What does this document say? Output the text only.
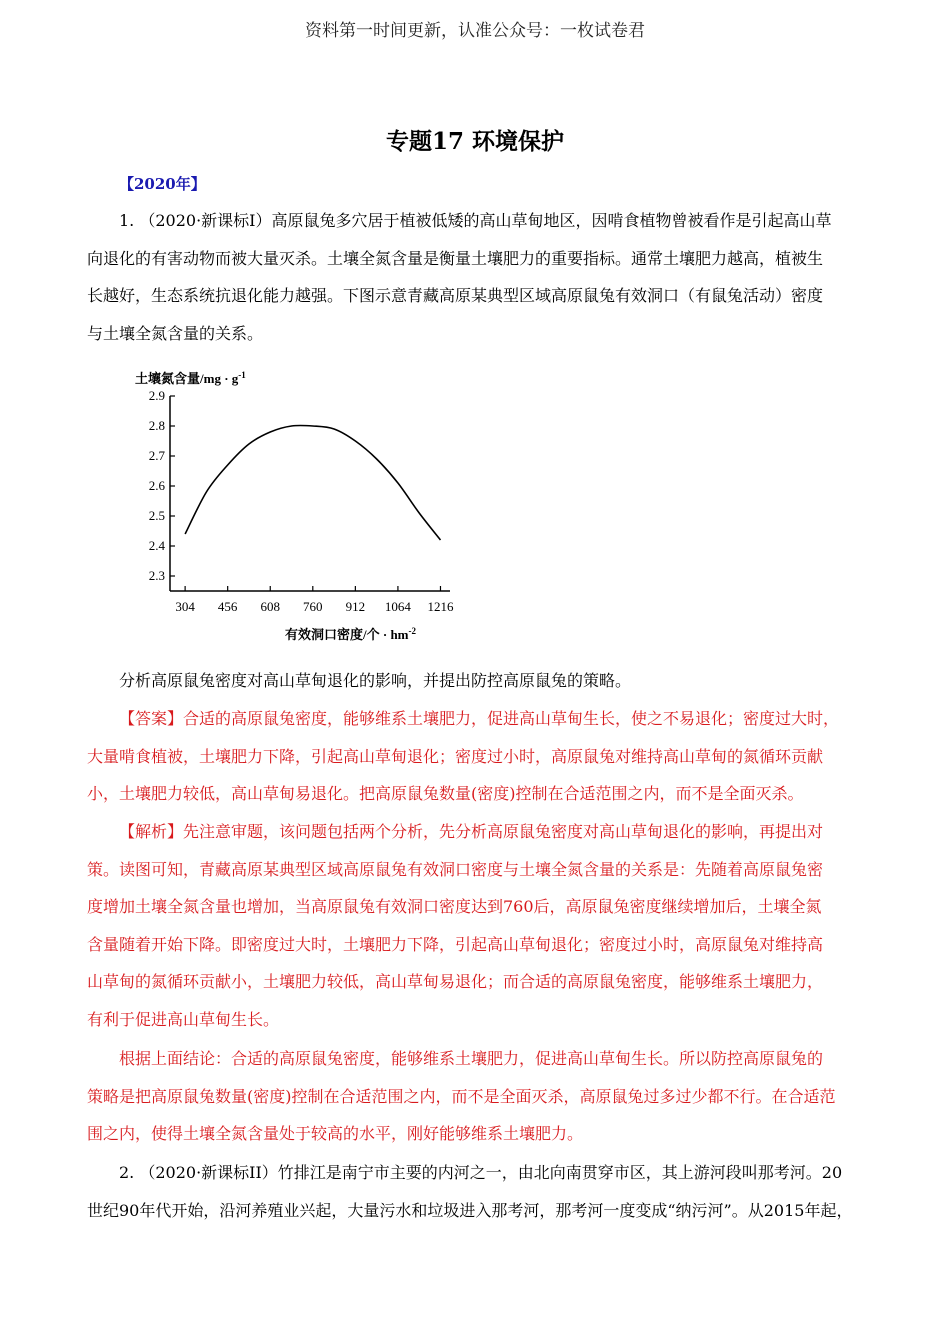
资料第一时间更新，认准公众号：一枚试卷君
专题17 环境保护
【2020年】
1. （2020·新课标I）高原鼠兔多穴居于植被低矮的高山草甸地区，因啃食植物曾被看作是引起高山草
向退化的有害动物而被大量灭杀。土壤全氮含量是衡量土壤肥力的重要指标。通常土壤肥力越高，植被生
长越好，生态系统抗退化能力越强。下图示意青藏高原某典型区域高原鼠兔有效洞口（有鼠兔活动）密度
与土壤全氮含量的关系。
2.3
2.4
2.5
2.6
2.7
2.8
2.9
304 456 608 760 912 1064 1216
土壤氮含量$/mg \cdot g^{-1}$
有效洞口密度/个 · $hm^{-2}$
分析高原鼠兔密度对高山草甸退化的影响，并提出防控高原鼠兔的策略。
【答案】合适的高原鼠兔密度，能够维系土壤肥力，促进高山草甸生长，使之不易退化；密度过大时，
大量啃食植被，土壤肥力下降，引起高山草甸退化；密度过小时，高原鼠兔对维持高山草甸的氮循环贡献
小，土壤肥力较低，高山草甸易退化。把高原鼠兔数量(密度)控制在合适范围之内，而不是全面灭杀。
【解析】先注意审题，该问题包括两个分析，先分析高原鼠兔密度对高山草甸退化的影响，再提出对
策。读图可知，青藏高原某典型区域高原鼠兔有效洞口密度与土壤全氮含量的关系是：先随着高原鼠兔密
度增加土壤全氮含量也增加，当高原鼠兔有效洞口密度达到760后，高原鼠兔密度继续增加后，土壤全氮
含量随着开始下降。即密度过大时，土壤肥力下降，引起高山草甸退化；密度过小时，高原鼠兔对维持高
山草甸的氮循环贡献小，土壤肥力较低，高山草甸易退化；而合适的高原鼠兔密度，能够维系土壤肥力，
有利于促进高山草甸生长。
根据上面结论：合适的高原鼠兔密度，能够维系土壤肥力，促进高山草甸生长。所以防控高原鼠兔的
策略是把高原鼠兔数量(密度)控制在合适范围之内，而不是全面灭杀，高原鼠兔过多过少都不行。在合适范
围之内，使得土壤全氮含量处于较高的水平，刚好能够维系土壤肥力。
2. （2020·新课标II）竹排江是南宁市主要的内河之一，由北向南贯穿市区，其上游河段叫那考河。20
世纪90年代开始，沿河养殖业兴起，大量污水和垃圾进入那考河，那考河一度变成“纳污河”。从2015年起，
